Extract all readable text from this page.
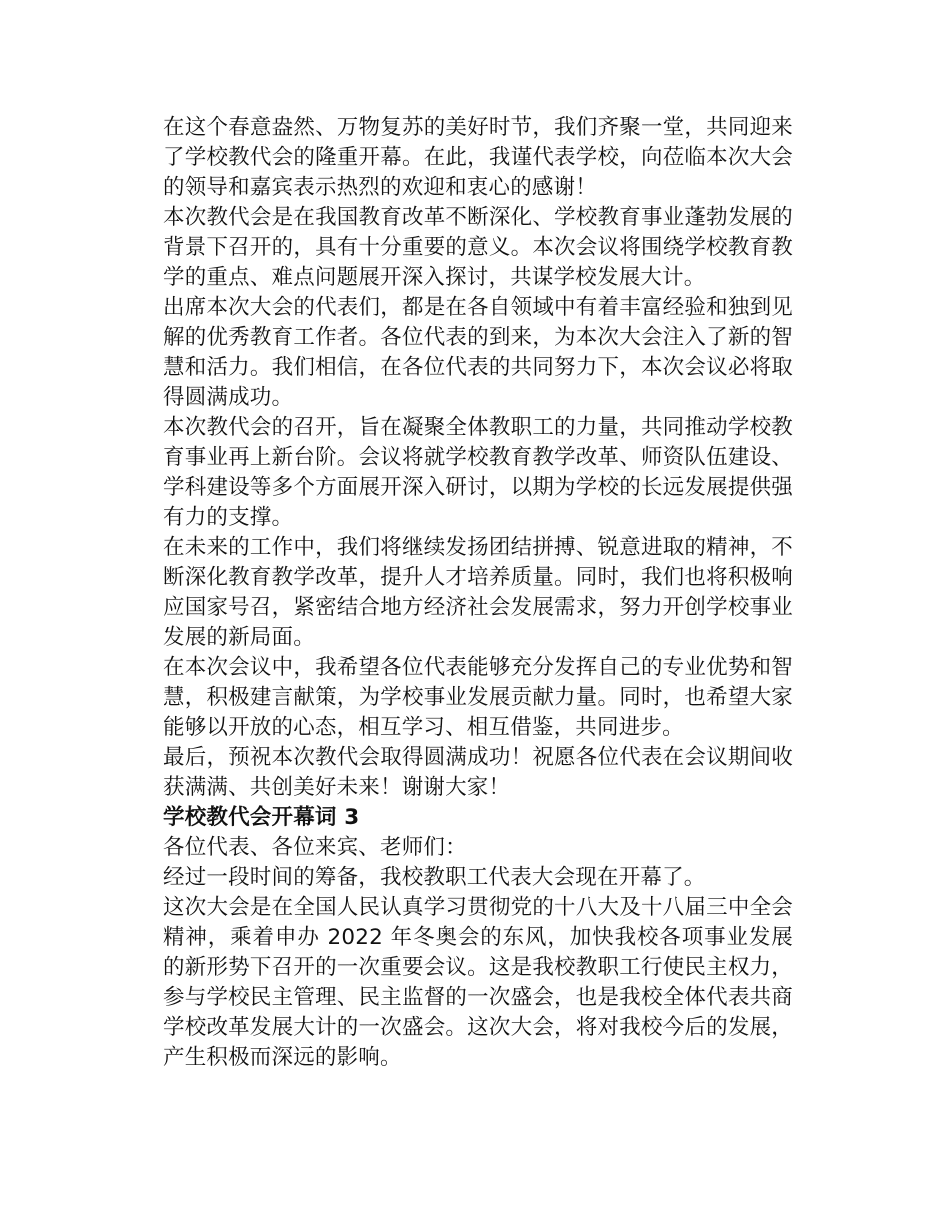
在这个春意盎然、万物复苏的美好时节，我们齐聚一堂，共同迎来了学校教代会的隆重开幕。在此，我谨代表学校，向莅临本次大会的领导和嘉宾表示热烈的欢迎和衷心的感谢！

本次教代会是在我国教育改革不断深化、学校教育事业蓬勃发展的背景下召开的，具有十分重要的意义。本次会议将围绕学校教育教学的重点、难点问题展开深入探讨，共谋学校发展大计。

出席本次大会的代表们，都是在各自领域中有着丰富经验和独到见解的优秀教育工作者。各位代表的到来，为本次大会注入了新的智慧和活力。我们相信，在各位代表的共同努力下，本次会议必将取得圆满成功。

本次教代会的召开，旨在凝聚全体教职工的力量，共同推动学校教育事业再上新台阶。会议将就学校教育教学改革、师资队伍建设、学科建设等多个方面展开深入研讨，以期为学校的长远发展提供强有力的支撑。

在未来的工作中，我们将继续发扬团结拼搏、锐意进取的精神，不断深化教育教学改革，提升人才培养质量。同时，我们也将积极响应国家号召，紧密结合地方经济社会发展需求，努力开创学校事业发展的新局面。

在本次会议中，我希望各位代表能够充分发挥自己的专业优势和智慧，积极建言献策，为学校事业发展贡献力量。同时，也希望大家能够以开放的心态，相互学习、相互借鉴，共同进步。

最后，预祝本次教代会取得圆满成功！祝愿各位代表在会议期间收获满满、共创美好未来！谢谢大家！

学校教代会开幕词 3

各位代表、各位来宾、老师们：

经过一段时间的筹备，我校教职工代表大会现在开幕了。

这次大会是在全国人民认真学习贯彻党的十八大及十八届三中全会精神，乘着申办 2022 年冬奥会的东风，加快我校各项事业发展的新形势下召开的一次重要会议。这是我校教职工行使民主权力，参与学校民主管理、民主监督的一次盛会，也是我校全体代表共商学校改革发展大计的一次盛会。这次大会，将对我校今后的发展，产生积极而深远的影响。
